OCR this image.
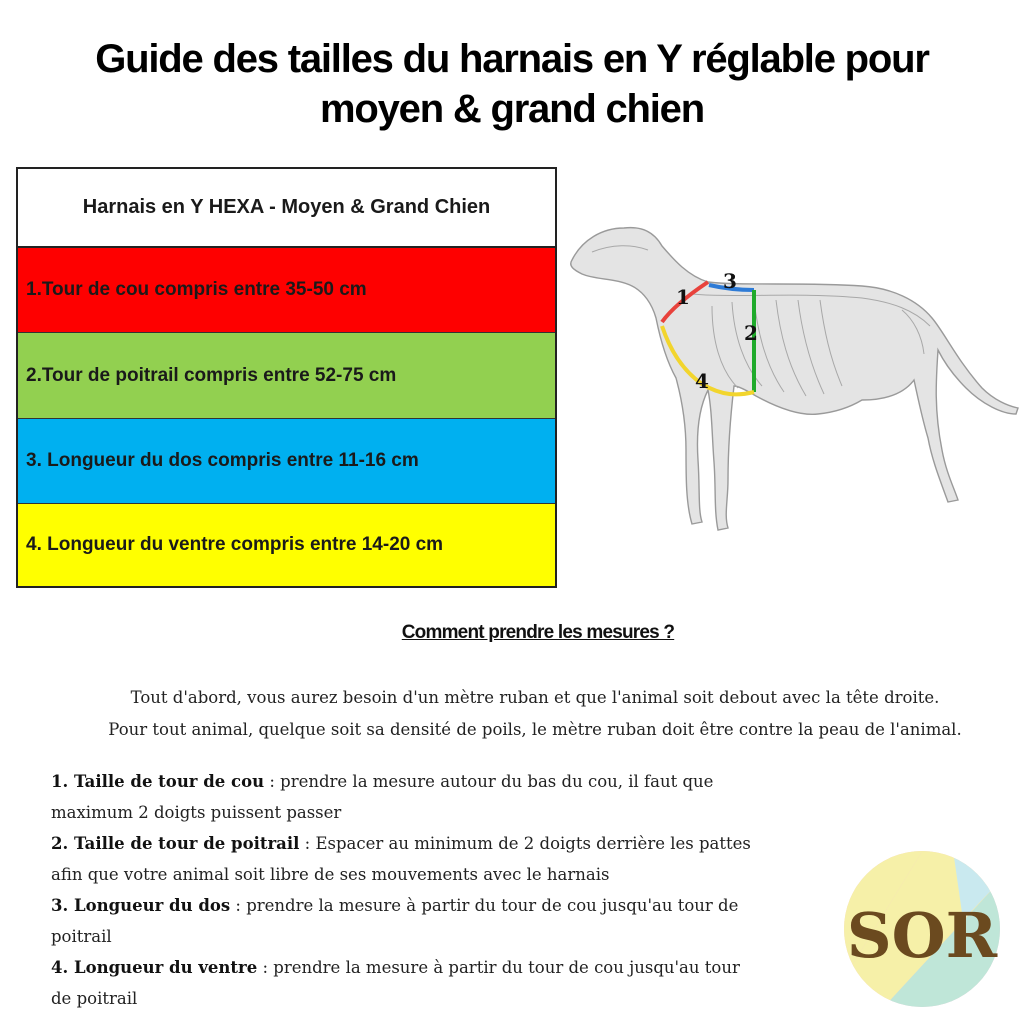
Guide des tailles du harnais en Y réglable pour
moyen & grand chien
Harnais en Y HEXA - Moyen & Grand Chien
1.Tour de cou compris entre 35-50 cm
2.Tour de poitrail compris entre 52-75 cm
3. Longueur du dos compris entre 11-16 cm
4. Longueur du ventre compris entre 14-20 cm
1
2
3
4
Comment prendre les mesures ?
Tout d'abord, vous aurez besoin d'un mètre ruban et que l'animal soit debout avec la tête droite.
Pour tout animal, quelque soit sa densité de poils, le mètre ruban doit être contre la peau de l'animal.

1. Taille de tour de cou : prendre la mesure autour du bas du cou, il faut que
maximum 2 doigts puissent passer

2. Taille de tour de poitrail : Espacer au minimum de 2 doigts derrière les pattes
afin que votre animal soit libre de ses mouvements avec le harnais

3. Longueur du dos : prendre la mesure à partir du tour de cou jusqu'au tour de
poitrail

4. Longueur du ventre : prendre la mesure à partir du tour de cou jusqu'au tour
de poitrail

SOR
